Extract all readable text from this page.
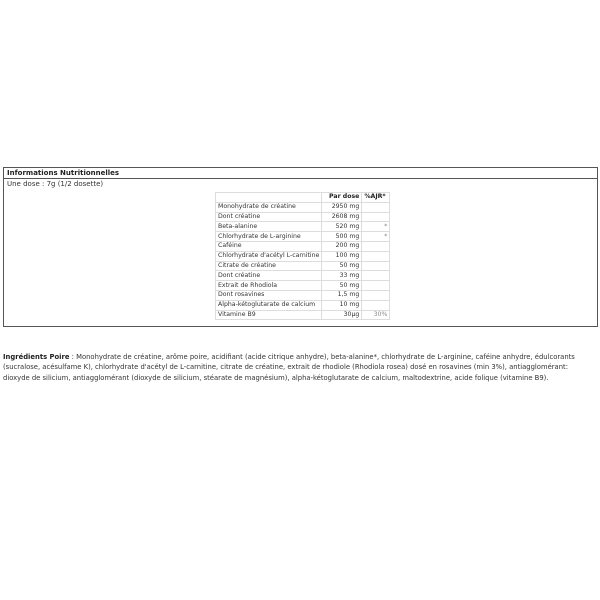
Informations Nutritionnelles
Une dose : 7g (1/2 dosette)
	Par dose	%AJR*
Monohydrate de créatine	2950 mg	
Dont créatine	2608 mg	
Beta-alanine	520 mg	*
Chlorhydrate de L-arginine	500 mg	*
Caféine	200 mg	
Chlorhydrate d'acétyl L-carnitine	100 mg	
Citrate de créatine	50 mg	
Dont créatine	33 mg	
Extrait de Rhodiola	50 mg	
Dont rosavines	1,5 mg	
Alpha-kétoglutarate de calcium	10 mg	
Vitamine B9	30µg	30%
Ingrédients Poire : Monohydrate de créatine, arôme poire, acidifiant (acide citrique anhydre), beta-alanine*, chlorhydrate de L-arginine, caféine anhydre, édulcorants (sucralose, acésulfame K), chlorhydrate d'acétyl de L-carnitine, citrate de créatine, extrait de rhodiole (Rhodiola rosea) dosé en rosavines (min 3%), antiagglomérant: dioxyde de silicium, antiagglomérant (dioxyde de silicium, stéarate de magnésium), alpha-kétoglutarate de calcium, maltodextrine, acide folique (vitamine B9).
